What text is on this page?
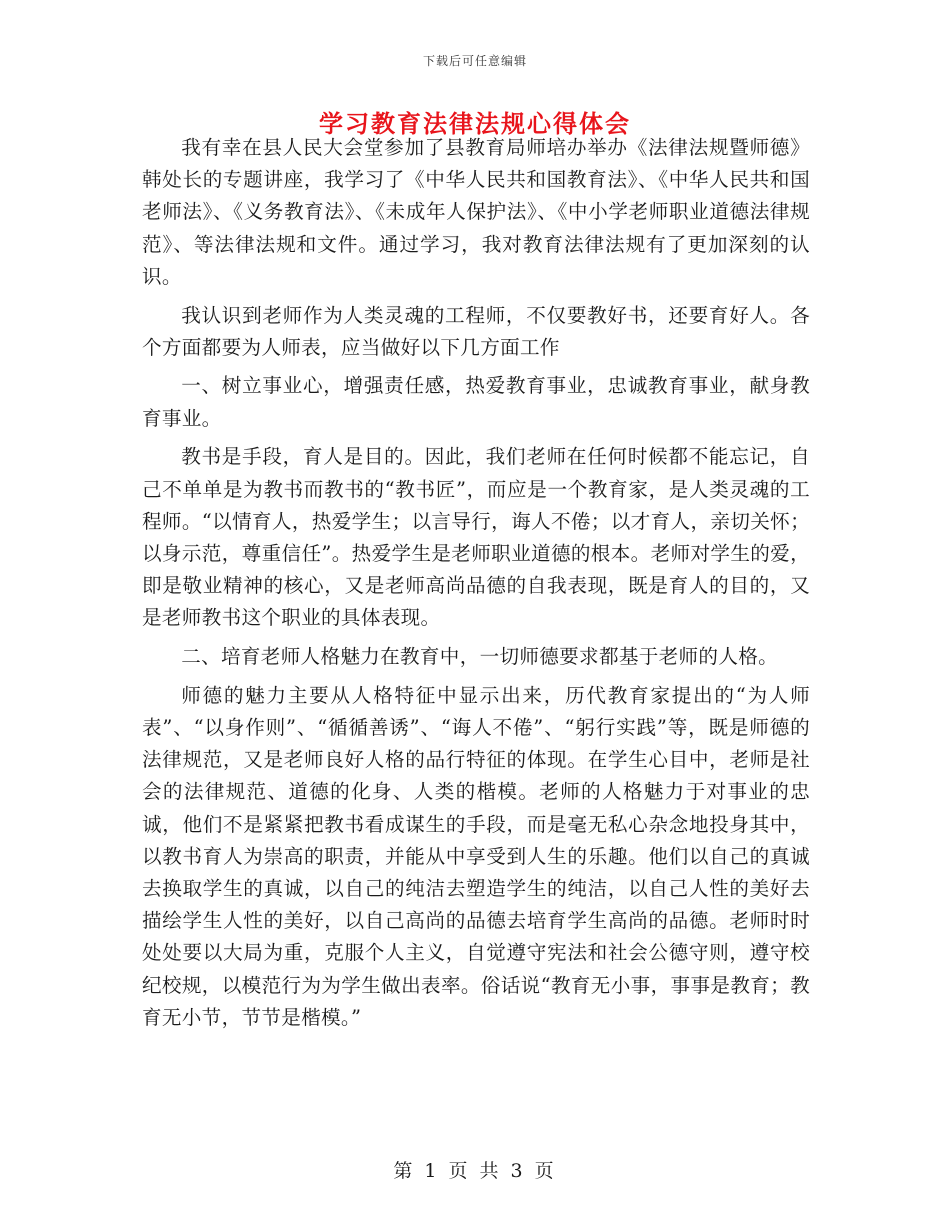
下载后可任意编辑
学习教育法律法规心得体会

我有幸在县人民大会堂参加了县教育局师培办举办《法律法规暨师德》韩处长的专题讲座，我学习了《中华人民共和国教育法》、《中华人民共和国老师法》、《义务教育法》、《未成年人保护法》、《中小学老师职业道德法律规范》、等法律法规和文件。通过学习，我对教育法律法规有了更加深刻的认识。

我认识到老师作为人类灵魂的工程师，不仅要教好书，还要育好人。各个方面都要为人师表，应当做好以下几方面工作

一、树立事业心，增强责任感，热爱教育事业，忠诚教育事业，献身教育事业。

教书是手段，育人是目的。因此，我们老师在任何时候都不能忘记，自己不单单是为教书而教书的“教书匠”，而应是一个教育家，是人类灵魂的工程师。“以情育人，热爱学生；以言导行，诲人不倦；以才育人，亲切关怀；以身示范，尊重信任”。热爱学生是老师职业道德的根本。老师对学生的爱，即是敬业精神的核心，又是老师高尚品德的自我表现，既是育人的目的，又是老师教书这个职业的具体表现。

二、培育老师人格魅力在教育中，一切师德要求都基于老师的人格。

师德的魅力主要从人格特征中显示出来，历代教育家提出的“为人师表”、“以身作则”、“循循善诱”、“诲人不倦”、“躬行实践”等，既是师德的法律规范，又是老师良好人格的品行特征的体现。在学生心目中，老师是社会的法律规范、道德的化身、人类的楷模。老师的人格魅力于对事业的忠诚，他们不是紧紧把教书看成谋生的手段，而是毫无私心杂念地投身其中，以教书育人为崇高的职责，并能从中享受到人生的乐趣。他们以自己的真诚去换取学生的真诚，以自己的纯洁去塑造学生的纯洁，以自己人性的美好去描绘学生人性的美好，以自己高尚的品德去培育学生高尚的品德。老师时时处处要以大局为重，克服个人主义，自觉遵守宪法和社会公德守则，遵守校纪校规，以模范行为为学生做出表率。俗话说“教育无小事，事事是教育；教育无小节，节节是楷模。”

第 1 页 共 3 页
